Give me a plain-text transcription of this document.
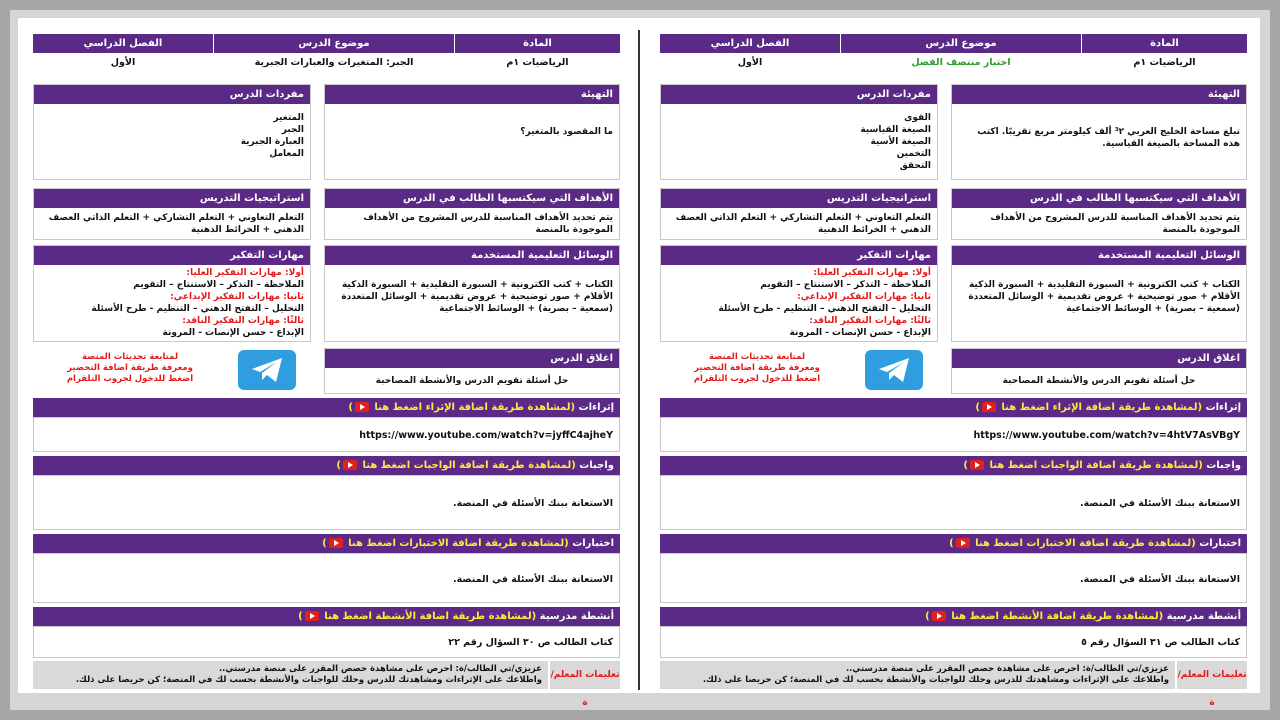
المادة
الرياضيات ١م
موضوع الدرس
اختبار منتصف الفصل
الفصل الدراسي
الأول
التهيئة
تبلغ مساحة الخليج العربي ³٢ ألف كيلومتر مربع تقريبًا. اكتب هذه المساحة بالصيغة القياسية.
مفردات الدرس
القوى
الصيغة القياسية
الصيغة الأسية
التخمين
التحقق
الأهداف التي سيكتسبها الطالب في الدرس
يتم تحديد الأهداف المناسبة للدرس المشروح من الأهداف الموجودة بالمنصة
استراتيجيات التدريس
التعلم التعاوني + التعلم التشاركي + التعلم الذاتي العصف الذهني + الخرائط الذهنية
الوسائل التعليمية المستخدمة
الكتاب + كتب الكترونية + السبورة التقليدية + السبورة الذكية الأقلام + صور توضيحية + عروض تقديمية + الوسائل المتعددة (سمعية – بصرية) + الوسائط الاجتماعية
مهارات التفكير
أولا: مهارات التفكير العليا:
الملاحظة – التذكر – الاستنتاج – التقويم
ثانيا: مهارات التفكير الإبداعي:
التحليل – التفتح الذهني – التنظيم - طرح الأسئلة
ثالثًا: مهارات التفكير الناقد:
الإبداع - حسن الإنصات - المرونة
اغلاق الدرس
حل أسئلة تقويم الدرس والأنشطة المصاحبة
لمتابعة تحديثات المنصة
ومعرفة طريقة اضافة التحضير
اضغط للدخول لجروب التلقرام
إثراءات (لمشاهدة طريقة اضافة الإثراء اضغط هنا )
https://www.youtube.com/watch?v=4htV7AsVBgY
واجبات (لمشاهدة طريقة اضافة الواجبات اضغط هنا )
الاستعانة ببنك الأسئلة في المنصة.
اختبارات (لمشاهدة طريقة اضافة الاختبارات اضغط هنا )
الاستعانة ببنك الأسئلة في المنصة.
أنشطة مدرسية (لمشاهدة طريقة اضافة الأنشطة اضغط هنا )
كتاب الطالب ص ٣١ السؤال رقم ٥
تعليمات المعلم/ة
عزيزي/تي الطالب/ة: احرص على مشاهدة حصص المقرر على منصة مدرستي..
واطلاعك على الإثراءات ومشاهدتك للدرس وحلك للواجبات والأنشطة بحسب لك في المنصة؛ كن حريصا على ذلك.
المادة
الرياضيات ١م
موضوع الدرس
الجبر: المتغيرات والعبارات الجبرية
الفصل الدراسي
الأول
التهيئة
ما المقصود بالمتغير؟
مفردات الدرس
المتغير
الجبر
العبارة الجبرية
المعامل
الأهداف التي سيكتسبها الطالب في الدرس
يتم تحديد الأهداف المناسبة للدرس المشروح من الأهداف الموجودة بالمنصة
استراتيجيات التدريس
التعلم التعاوني + التعلم التشاركي + التعلم الذاتي العصف الذهني + الخرائط الذهنية
الوسائل التعليمية المستخدمة
الكتاب + كتب الكترونية + السبورة التقليدية + السبورة الذكية الأقلام + صور توضيحية + عروض تقديمية + الوسائل المتعددة (سمعية – بصرية) + الوسائط الاجتماعية
مهارات التفكير
أولا: مهارات التفكير العليا:
الملاحظة – التذكر – الاستنتاج – التقويم
ثانيا: مهارات التفكير الإبداعي:
التحليل – التفتح الذهني – التنظيم - طرح الأسئلة
ثالثًا: مهارات التفكير الناقد:
الإبداع - حسن الإنصات - المرونة
اغلاق الدرس
حل أسئلة تقويم الدرس والأنشطة المصاحبة
لمتابعة تحديثات المنصة
ومعرفة طريقة اضافة التحضير
اضغط للدخول لجروب التلقرام
إثراءات (لمشاهدة طريقة اضافة الإثراء اضغط هنا )
https://www.youtube.com/watch?v=jyffC4ajheY
واجبات (لمشاهدة طريقة اضافة الواجبات اضغط هنا )
الاستعانة ببنك الأسئلة في المنصة.
اختبارات (لمشاهدة طريقة اضافة الاختبارات اضغط هنا )
الاستعانة ببنك الأسئلة في المنصة.
أنشطة مدرسية (لمشاهدة طريقة اضافة الأنشطة اضغط هنا )
كتاب الطالب ص ٣٠ السؤال رقم ٢٢
تعليمات المعلم/ة
عزيزي/تي الطالب/ة: احرص على مشاهدة حصص المقرر على منصة مدرستي..
واطلاعك على الإثراءات ومشاهدتك للدرس وحلك للواجبات والأنشطة بحسب لك في المنصة؛ كن حريصا على ذلك.
